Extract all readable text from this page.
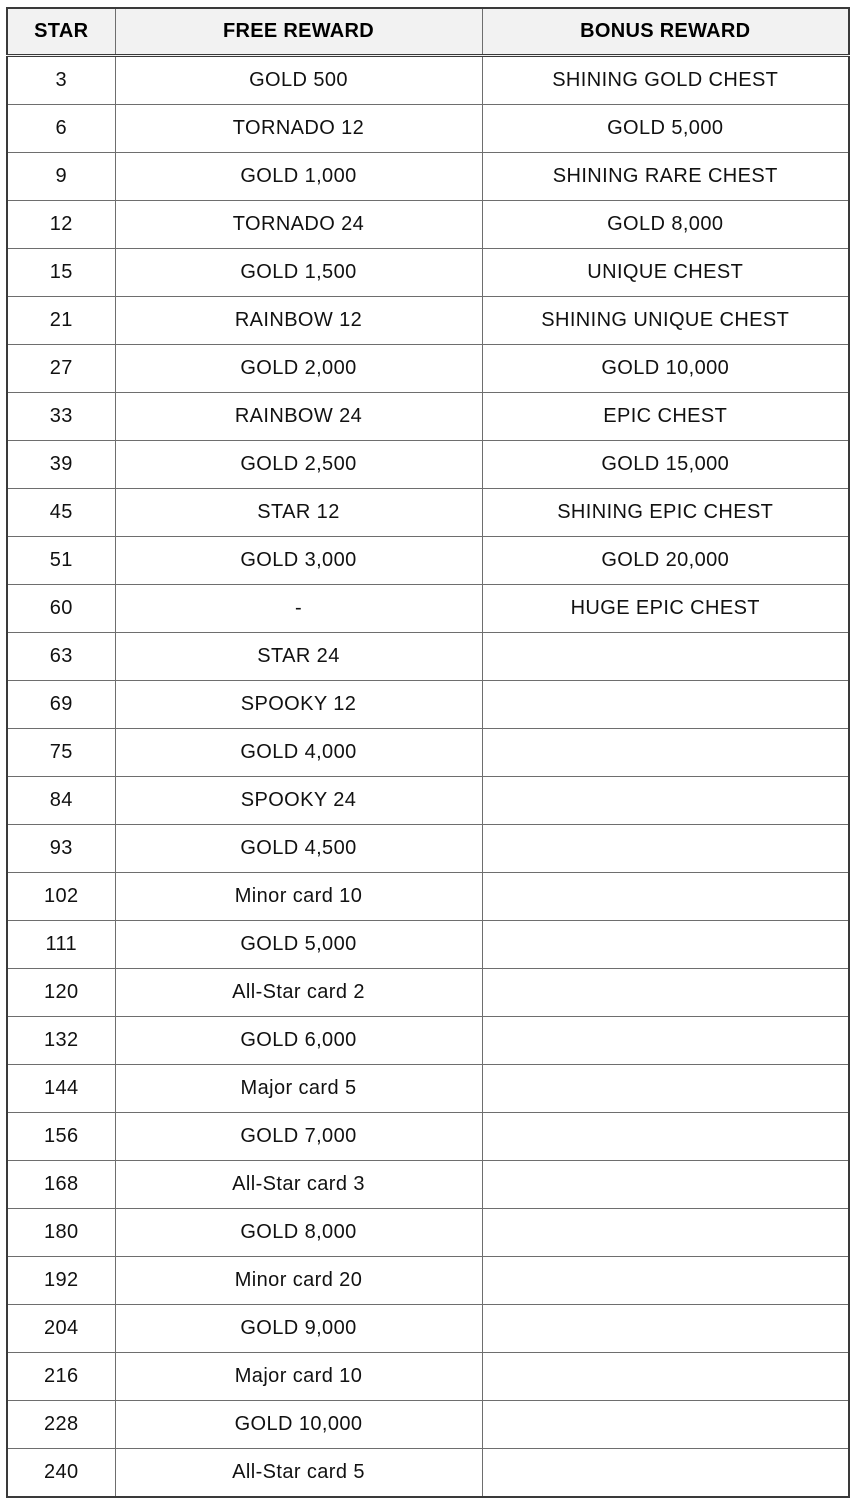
STAR	FREE REWARD	BONUS REWARD
3	GOLD 500	SHINING GOLD CHEST
6	TORNADO 12	GOLD 5,000
9	GOLD 1,000	SHINING RARE CHEST
12	TORNADO 24	GOLD 8,000
15	GOLD 1,500	UNIQUE CHEST
21	RAINBOW 12	SHINING UNIQUE CHEST
27	GOLD 2,000	GOLD 10,000
33	RAINBOW 24	EPIC CHEST
39	GOLD 2,500	GOLD 15,000
45	STAR 12	SHINING EPIC CHEST
51	GOLD 3,000	GOLD 20,000
60	-	HUGE EPIC CHEST
63	STAR 24	
69	SPOOKY 12	
75	GOLD 4,000	
84	SPOOKY 24	
93	GOLD 4,500	
102	Minor card 10	
111	GOLD 5,000	
120	All-Star card 2	
132	GOLD 6,000	
144	Major card 5	
156	GOLD 7,000	
168	All-Star card 3	
180	GOLD 8,000	
192	Minor card 20	
204	GOLD 9,000	
216	Major card 10	
228	GOLD 10,000	
240	All-Star card 5	
